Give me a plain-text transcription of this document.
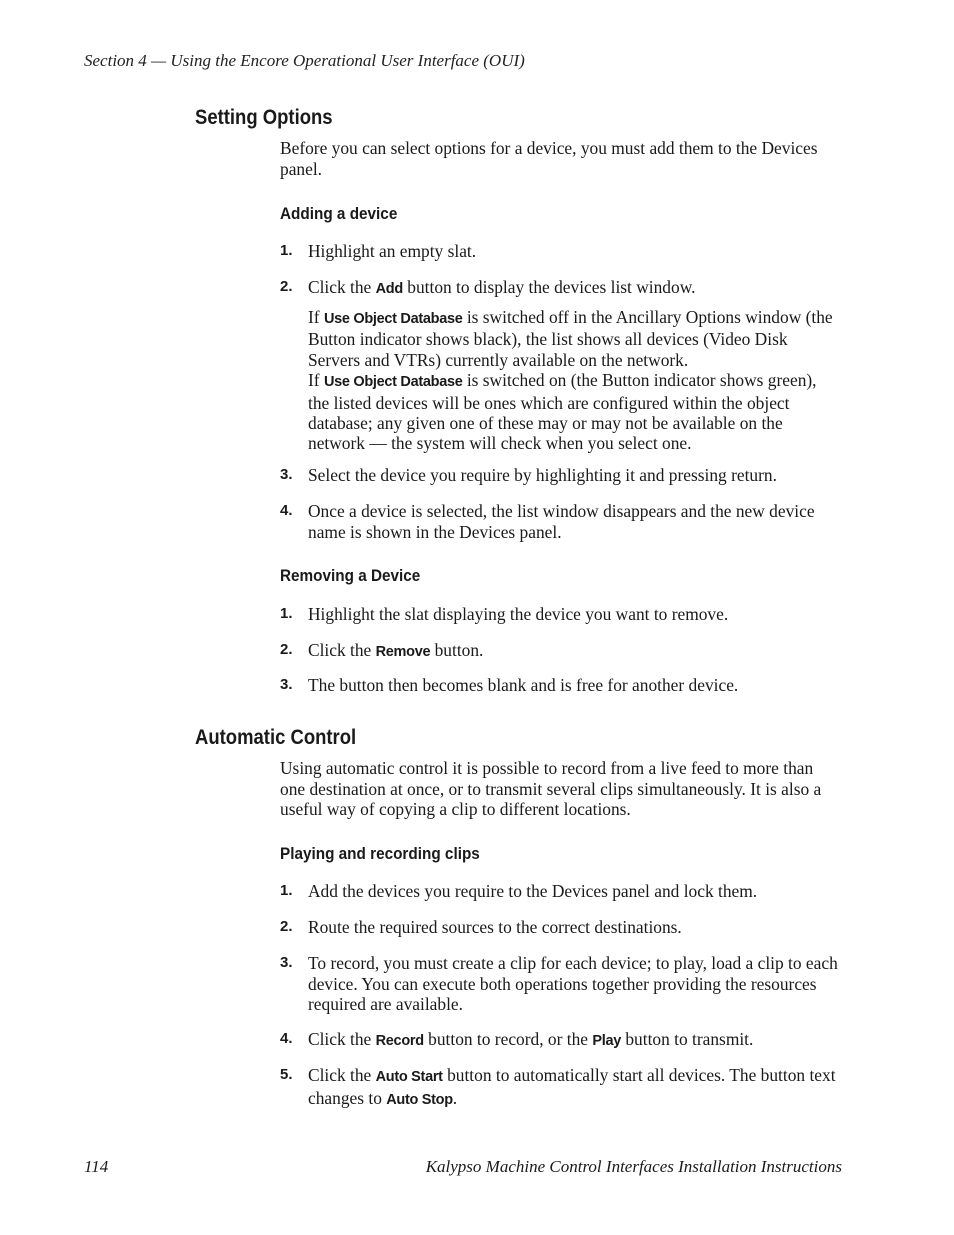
Section 4 — Using the Encore Operational User Interface (OUI)
Setting Options

Before you can select options for a device, you must add them to the Devices panel.

Adding a device
1. Highlight an empty slat.
2. Click the Add button to display the devices list window.
If Use Object Database is switched off in the Ancillary Options window (the Button indicator shows black), the list shows all devices (Video Disk Servers and VTRs) currently available on the network.
If Use Object Database is switched on (the Button indicator shows green), the listed devices will be ones which are configured within the object database; any given one of these may or may not be available on the network — the system will check when you select one.
3. Select the device you require by highlighting it and pressing return.
4. Once a device is selected, the list window disappears and the new device name is shown in the Devices panel.
Removing a Device
1. Highlight the slat displaying the device you want to remove.
2. Click the Remove button.
3. The button then becomes blank and is free for another device.
Automatic Control

Using automatic control it is possible to record from a live feed to more than one destination at once, or to transmit several clips simultaneously. It is also a useful way of copying a clip to different locations.

Playing and recording clips
1. Add the devices you require to the Devices panel and lock them.
2. Route the required sources to the correct destinations.
3. To record, you must create a clip for each device; to play, load a clip to each device. You can execute both operations together providing the resources required are available.
4. Click the Record button to record, or the Play button to transmit.
5. Click the Auto Start button to automatically start all devices. The button text changes to Auto Stop.
114	Kalypso Machine Control Interfaces Installation Instructions
